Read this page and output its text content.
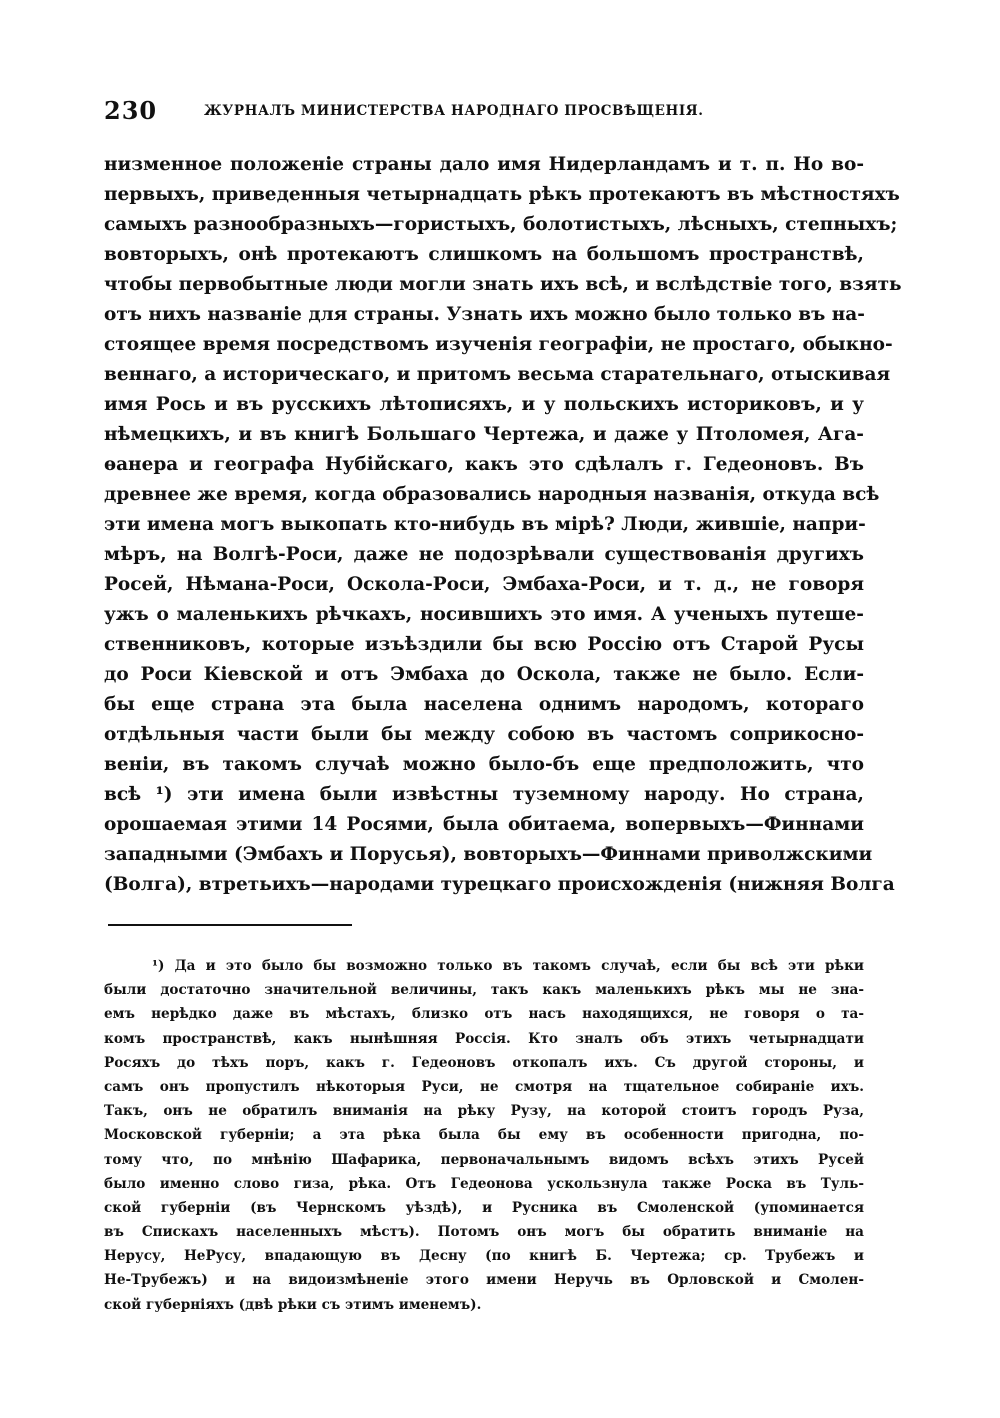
230	ЖУРНАЛЪ МИНИСТЕРСТВА НАРОДНАГО ПРОСВѢЩЕНІЯ.
низменное положеніе страны дало имя Нидерландамъ и т. п. Но во-
первыхъ, приведенныя четырнадцать рѣкъ протекаютъ въ мѣстностяхъ
самыхъ разнообразныхъ—гористыхъ, болотистыхъ, лѣсныхъ, степныхъ;
вовторыхъ, онѣ протекаютъ слишкомъ на большомъ пространствѣ,
чтобы первобытные люди могли знать ихъ всѣ, и вслѣдствіе того, взять
отъ нихъ названіе для страны. Узнать ихъ можно было только въ на-
стоящее время посредствомъ изученія географіи, не простаго, обыкно-
веннаго, а историческаго, и притомъ весьма старательнаго, отыскивая
имя Рось и въ русскихъ лѣтописяхъ, и у польскихъ историковъ, и у
нѣмецкихъ, и въ книгѣ Большаго Чертежа, и даже у Птоломея, Ага-
ѳанера и географа Нубійскаго, какъ это сдѣлалъ г. Гедеоновъ. Въ
древнее же время, когда образовались народныя названія, откуда всѣ
эти имена могъ выкопать кто-нибудь въ мірѣ? Люди, жившіе, напри-
мѣръ, на Волгѣ-Роси, даже не подозрѣвали существованія другихъ
Росей, Нѣмана-Роси, Оскола-Роси, Эмбаха-Роси, и т. д., не говоря
ужъ о маленькихъ рѣчкахъ, носившихъ это имя. А ученыхъ путеше-
ственниковъ, которые изъѣздили бы всю Россію отъ Старой Русы
до Роси Кіевской и отъ Эмбаха до Оскола, также не было. Если-
бы еще страна эта была населена однимъ народомъ, котораго
отдѣльныя части были бы между собою въ частомъ соприкосно-
веніи, въ такомъ случаѣ можно было-бъ еще предположить, что
всѣ ¹) эти имена были извѣстны туземному народу. Но страна,
орошаемая этими 14 Росями, была обитаема, вопервыхъ—Финнами
западными (Эмбахъ и Порусья), вовторыхъ—Финнами приволжскими
(Волга), втретьихъ—народами турецкаго происхожденія (нижняя Волга
¹) Да и это было бы возможно только въ такомъ случаѣ, если бы всѣ эти рѣки
были достаточно значительной величины, такъ какъ маленькихъ рѣкъ мы не зна-
емъ нерѣдко даже въ мѣстахъ, близко отъ насъ находящихся, не говоря о та-
комъ пространствѣ, какъ нынѣшняя Россія. Кто зналъ объ этихъ четырнадцати
Росяхъ до тѣхъ поръ, какъ г. Гедеоновъ откопалъ ихъ. Съ другой стороны, и
самъ онъ пропустилъ нѣкоторыя Руси, не смотря на тщательное собираніе ихъ.
Такъ, онъ не обратилъ вниманія на рѣку Рузу, на которой стоитъ городъ Руза,
Московской губерніи; а эта рѣка была бы ему въ особенности пригодна, по-
тому что, по мнѣнію Шафарика, первоначальнымъ видомъ всѣхъ этихъ Русей
было именно слово гиза, рѣка. Отъ Гедеонова ускользнула также Роска въ Туль-
ской губерніи (въ Чернскомъ уѣздѣ), и Русника въ Смоленской (упоминается
въ Спискахъ населенныхъ мѣстъ). Потомъ онъ могъ бы обратить вниманіе на
Нерусу, НеРусу, впадающую въ Десну (по книгѣ Б. Чертежа; ср. Трубежъ и
Не-Трубежъ) и на видоизмѣненіе этого имени Неручь въ Орловской и Смолен-
ской губерніяхъ (двѣ рѣки съ этимъ именемъ).
